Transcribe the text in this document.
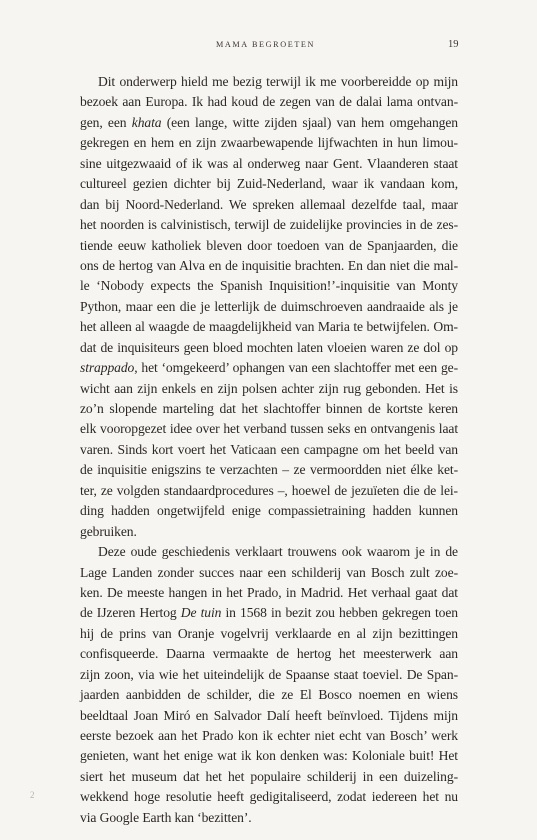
MAMA BEGROETEN	19
Dit onderwerp hield me bezig terwijl ik me voorbereidde op mijn
bezoek aan Europa. Ik had koud de zegen van de dalai lama ontvan-
gen, een khata (een lange, witte zijden sjaal) van hem omgehangen
gekregen en hem en zijn zwaarbewapende lijfwachten in hun limou-
sine uitgezwaaid of ik was al onderweg naar Gent. Vlaanderen staat
cultureel gezien dichter bij Zuid-Nederland, waar ik vandaan kom,
dan bij Noord-Nederland. We spreken allemaal dezelfde taal, maar
het noorden is calvinistisch, terwijl de zuidelijke provincies in de zes-
tiende eeuw katholiek bleven door toedoen van de Spanjaarden, die
ons de hertog van Alva en de inquisitie brachten. En dan niet die mal-
le ‘Nobody expects the Spanish Inquisition!’-inquisitie van Monty
Python, maar een die je letterlijk de duimschroeven aandraaide als je
het alleen al waagde de maagdelijkheid van Maria te betwijfelen. Om-
dat de inquisiteurs geen bloed mochten laten vloeien waren ze dol op
strappado, het ‘omgekeerd’ ophangen van een slachtoffer met een ge-
wicht aan zijn enkels en zijn polsen achter zijn rug gebonden. Het is
zo’n slopende marteling dat het slachtoffer binnen de kortste keren
elk vooropgezet idee over het verband tussen seks en ontvangenis laat
varen. Sinds kort voert het Vaticaan een campagne om het beeld van
de inquisitie enigszins te verzachten – ze vermoordden niet élke ket-
ter, ze volgden standaardprocedures –, hoewel de jezuïeten die de lei-
ding hadden ongetwijfeld enige compassietraining hadden kunnen
gebruiken.
Deze oude geschiedenis verklaart trouwens ook waarom je in de
Lage Landen zonder succes naar een schilderij van Bosch zult zoe-
ken. De meeste hangen in het Prado, in Madrid. Het verhaal gaat dat
de IJzeren Hertog De tuin in 1568 in bezit zou hebben gekregen toen
hij de prins van Oranje vogelvrij verklaarde en al zijn bezittingen
confisqueerde. Daarna vermaakte de hertog het meesterwerk aan
zijn zoon, via wie het uiteindelijk de Spaanse staat toeviel. De Span-
jaarden aanbidden de schilder, die ze El Bosco noemen en wiens
beeldtaal Joan Miró en Salvador Dalí heeft beïnvloed. Tijdens mijn
eerste bezoek aan het Prado kon ik echter niet echt van Bosch’ werk
genieten, want het enige wat ik kon denken was: Koloniale buit! Het
siert het museum dat het het populaire schilderij in een duizeling-
wekkend hoge resolutie heeft gedigitaliseerd, zodat iedereen het nu
via Google Earth kan ‘bezitten’.
2
